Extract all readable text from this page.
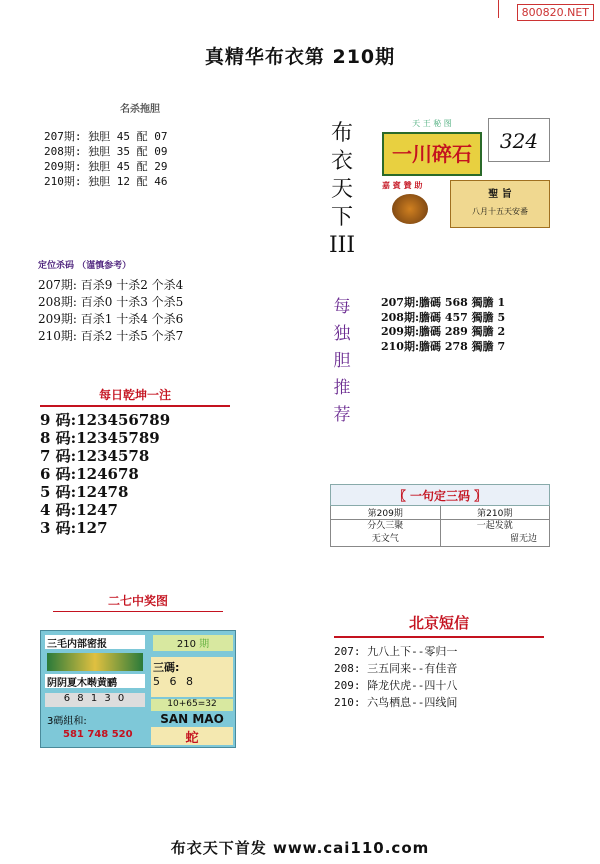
800820.NET
真精华布衣第 210期
名杀拖胆
207期: 独胆 45 配 07
208期: 独胆 35 配 09
209期: 独胆 45 配 29
210期: 独胆 12 配 46
定位杀码 （谨慎参考）
207期: 百杀9 十杀2 个杀4
208期: 百杀0 十杀3 个杀5
209期: 百杀1 十杀4 个杀6
210期: 百杀2 十杀5 个杀7
每日乾坤一注
9 码:123456789
8 码:12345789
7 码:1234578
6 码:124678
5 码:12478
4 码:1247
3 码:127
二七中奖图
三毛内部密报	210 期
阴阴夏木啭黄鹂
三碼:
5 6 8
6 8 1 3 0	10+65=32
3碼組和:
581 748 520
SAN MAO
蛇
布
衣
天
下
III
天 王 秘 图
一川碎石
324
嘉 賓 贊 助
聖 旨
八月十五天安番
每
独
胆
推
荐
207期:膽碼 568 獨膽 1
208期:膽碼 457 獨膽 5
209期:膽碼 289 獨膽 2
210期:膽碼 278 獨膽 7
〖 一句定三码 〗
第209期
分久三聚
无文气
第210期
一起发就
留无边
北京短信
207: 九八上下--零归一
208: 三五同来--有佳音
209: 降龙伏虎--四十八
210: 六鸟栖息--四线间
布衣天下首发 www.cai110.com
